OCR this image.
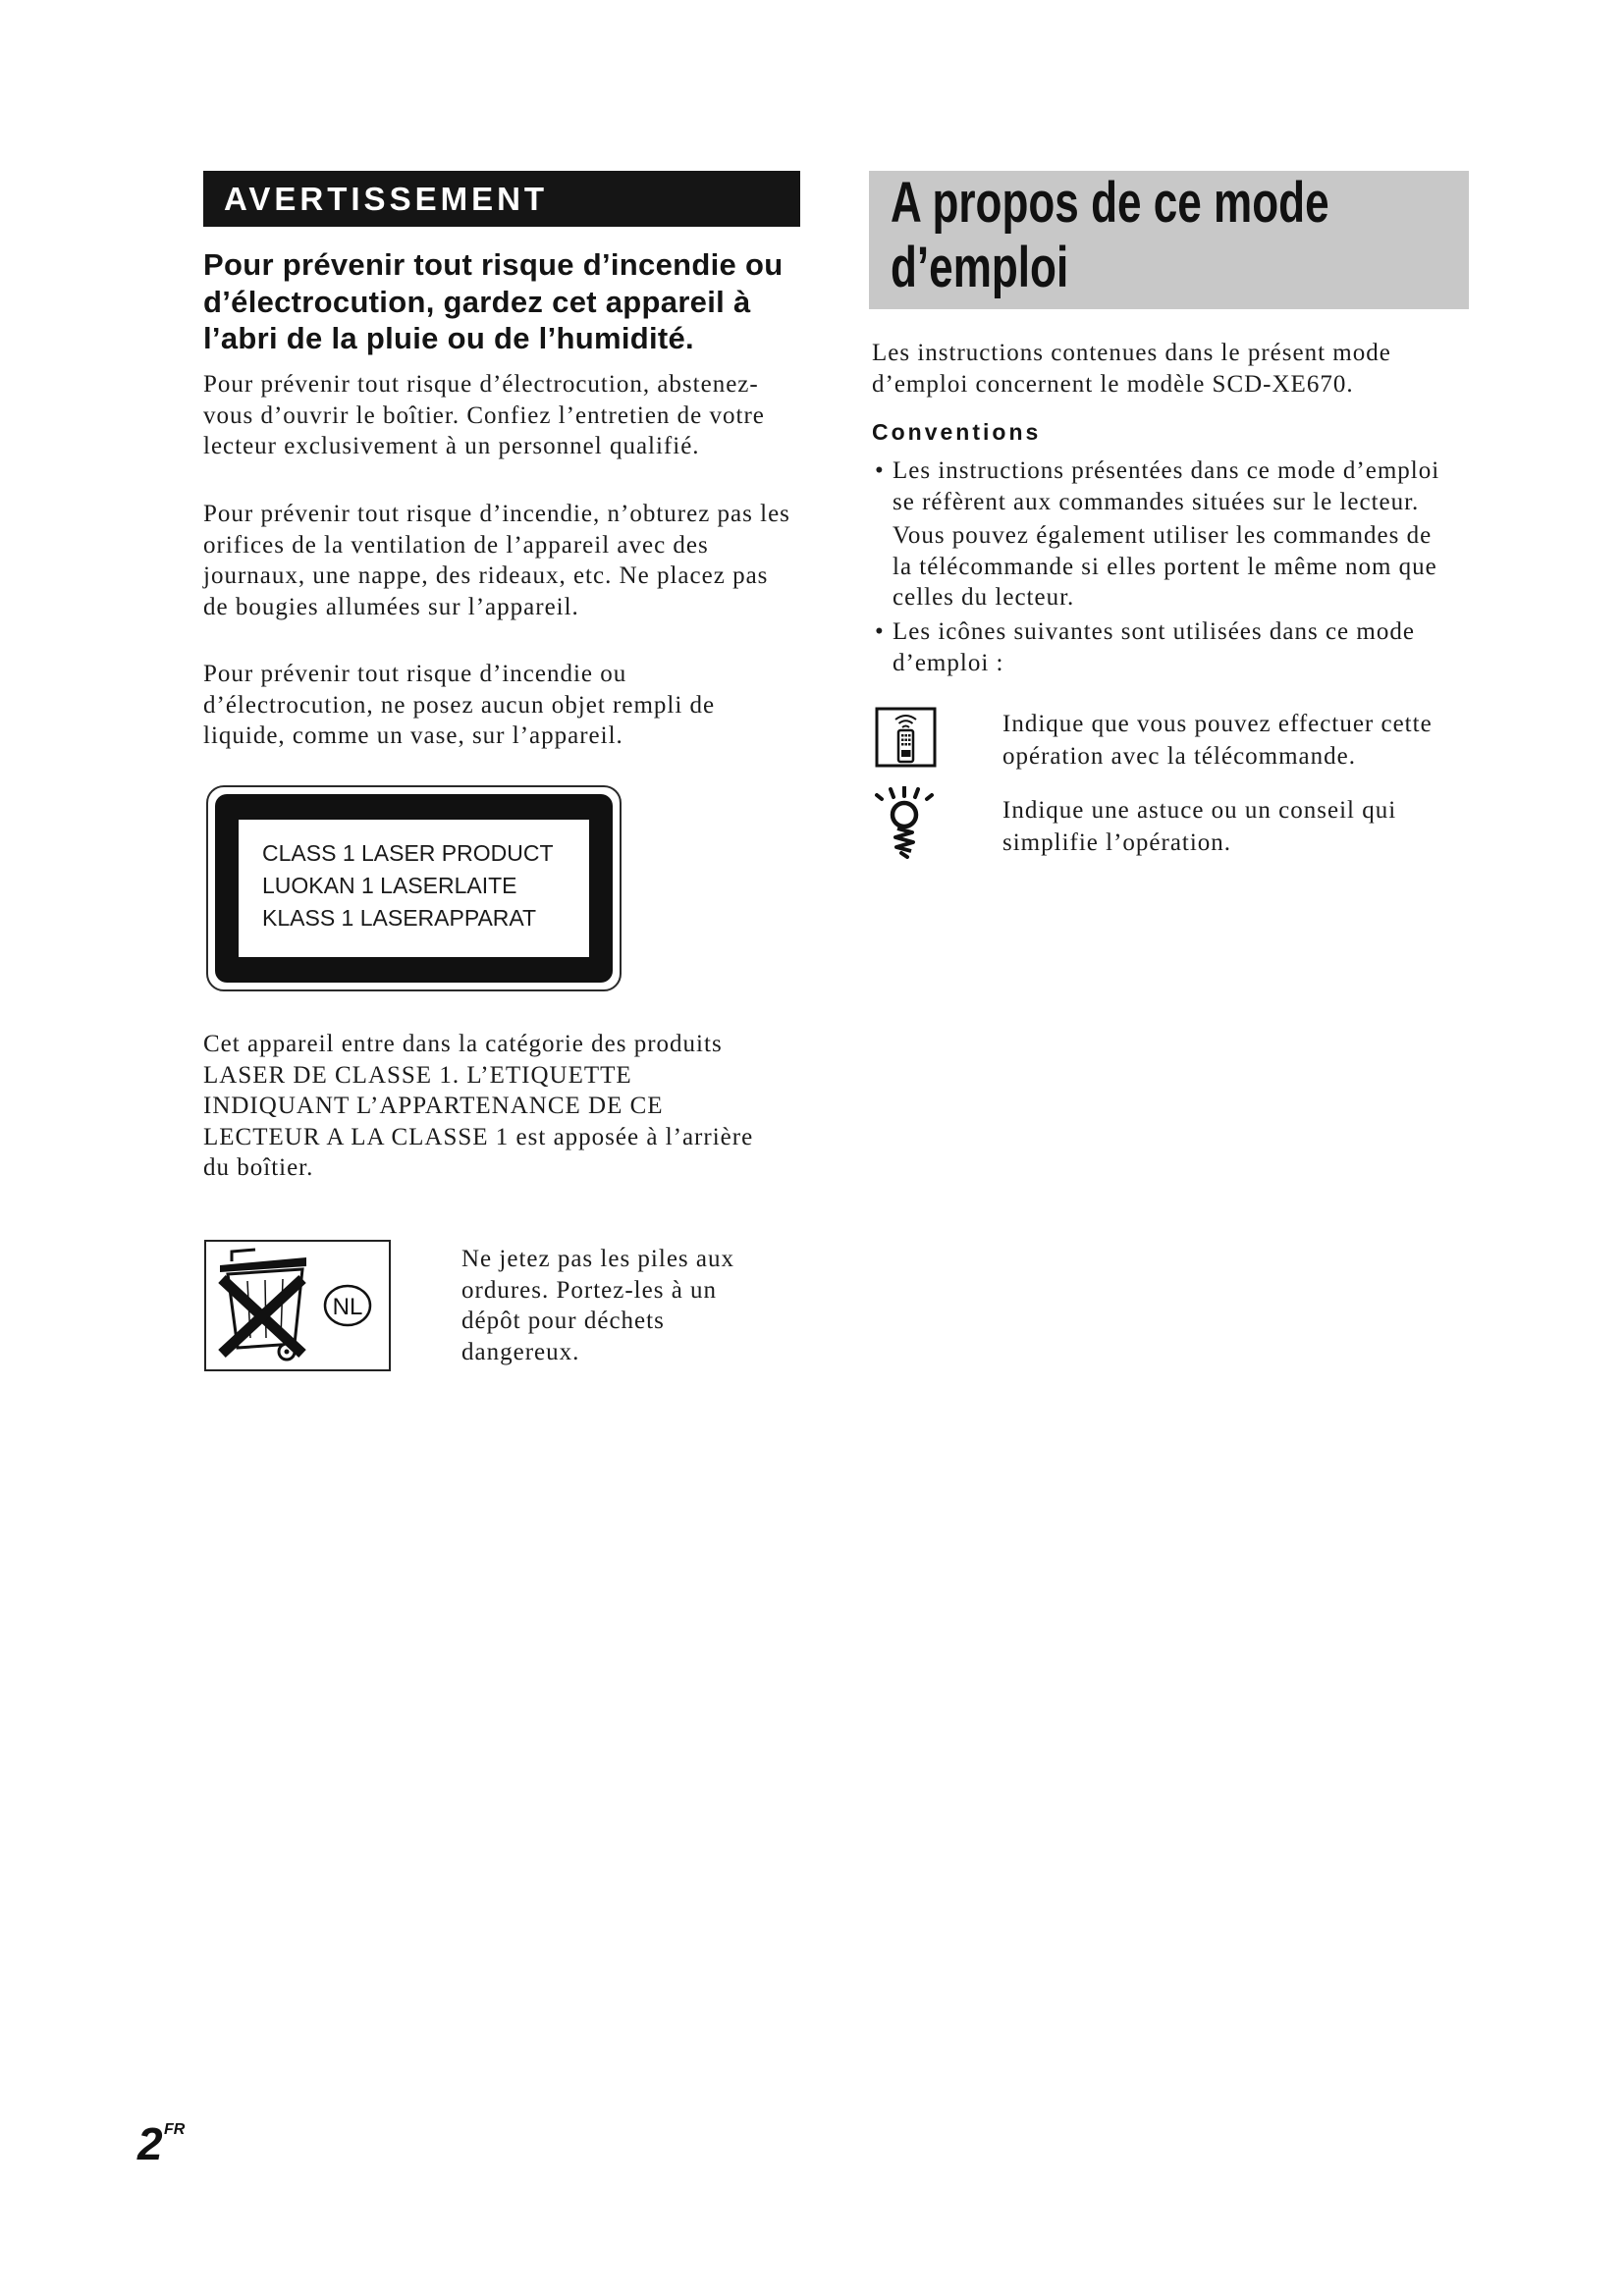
AVERTISSEMENT
Pour prévenir tout risque d’incendie ou
d’électrocution, gardez cet appareil à
l’abri de la pluie ou de l’humidité.
Pour prévenir tout risque d’électrocution, abstenez-
vous d’ouvrir le boîtier. Confiez l’entretien de votre
lecteur exclusivement à un personnel qualifié.
Pour prévenir tout risque d’incendie, n’obturez pas les
orifices de la ventilation de l’appareil avec des
journaux, une nappe, des rideaux, etc. Ne placez pas
de bougies allumées sur l’appareil.
Pour prévenir tout risque d’incendie ou
d’électrocution, ne posez aucun objet rempli de
liquide, comme un vase, sur l’appareil.
CLASS 1 LASER PRODUCT
LUOKAN 1 LASERLAITE
KLASS 1 LASERAPPARAT
Cet appareil entre dans la catégorie des produits
LASER DE CLASSE 1. L’ETIQUETTE
INDIQUANT L’APPARTENANCE DE CE
LECTEUR A LA CLASSE 1 est apposée à l’arrière
du boîtier.
NL
Ne jetez pas les piles aux
ordures. Portez-les à un
dépôt pour déchets
dangereux.
A propos de ce mode
d’emploi
Les instructions contenues dans le présent mode
d’emploi concernent le modèle SCD-XE670.
Conventions
• Les instructions présentées dans ce mode d’emploi
se réfèrent aux commandes situées sur le lecteur.
Vous pouvez également utiliser les commandes de
la télécommande si elles portent le même nom que
celles du lecteur.
• Les icônes suivantes sont utilisées dans ce mode
d’emploi :
Indique que vous pouvez effectuer cette
opération avec la télécommande.
Indique une astuce ou un conseil qui
simplifie l’opération.
2 FR
